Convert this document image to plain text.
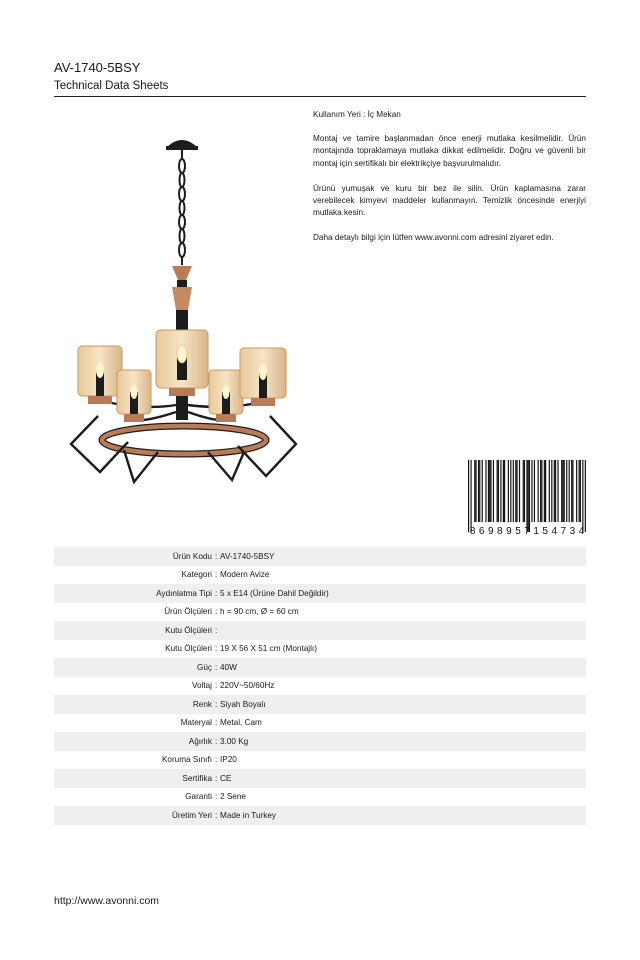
AV-1740-5BSY
Technical Data Sheets

Kullanım Yeri : İç Mekan

Montaj ve tamire başlanmadan önce enerji mutlaka kesilmelidir. Ürün montajında topraklamaya mutlaka dikkat edilmelidir. Doğru ve güvenli bir montaj için sertifikalı bir elektrikçiye başvurulmalıdır.

Ürünü yumuşak ve kuru bir bez ile silin. Ürün kaplamasına zarar verebilecek kimyevi maddeler kullanmayın. Temizlik öncesinde enerjiyi mutlaka kesin.

Daha detaylı bilgi için lütfen www.avonni.com adresini ziyaret edin.

8 6 9 8 9 5 7 1 5 4 7 3 4
Ürün Kodu : AV-1740-5BSY
Kategori : Modern Avize
Aydınlatma Tipi : 5 x E14 (Ürüne Dahil Değildir)
Ürün Ölçüleri : h = 90 cm, Ø = 60 cm
Kutu Ölçüleri :
Kutu Ölçüleri : 19 X 56 X 51 cm (Montajlı)
Güç : 40W
Voltaj : 220V~50/60Hz
Renk : Siyah Boyalı
Materyal : Metal, Cam
Ağırlık : 3.00 Kg
Koruma Sınıfı : IP20
Sertifika : CE
Garanti : 2 Sene
Üretim Yeri : Made in Turkey
http://www.avonni.com
